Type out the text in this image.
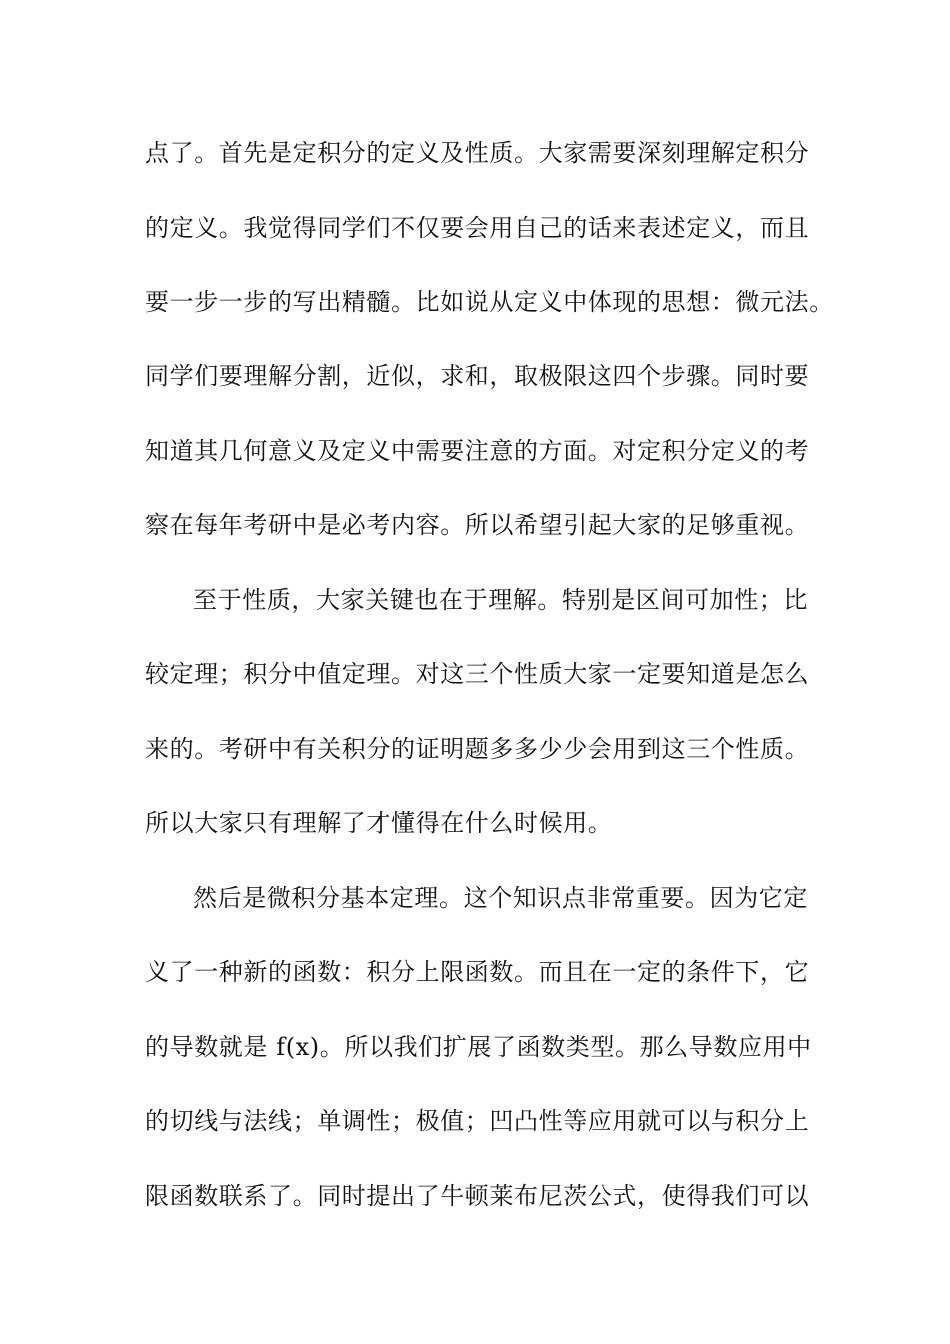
点了。首先是定积分的定义及性质。大家需要深刻理解定积分
的定义。我觉得同学们不仅要会用自己的话来表述定义，而且
要一步一步的写出精髓。比如说从定义中体现的思想：微元法。
同学们要理解分割，近似，求和，取极限这四个步骤。同时要
知道其几何意义及定义中需要注意的方面。对定积分定义的考
察在每年考研中是必考内容。所以希望引起大家的足够重视。
至于性质，大家关键也在于理解。特别是区间可加性；比
较定理；积分中值定理。对这三个性质大家一定要知道是怎么
来的。考研中有关积分的证明题多多少少会用到这三个性质。
所以大家只有理解了才懂得在什么时候用。
然后是微积分基本定理。这个知识点非常重要。因为它定
义了一种新的函数：积分上限函数。而且在一定的条件下，它
的导数就是 f(x)。所以我们扩展了函数类型。那么导数应用中
的切线与法线；单调性；极值；凹凸性等应用就可以与积分上
限函数联系了。同时提出了牛顿莱布尼茨公式，使得我们可以
